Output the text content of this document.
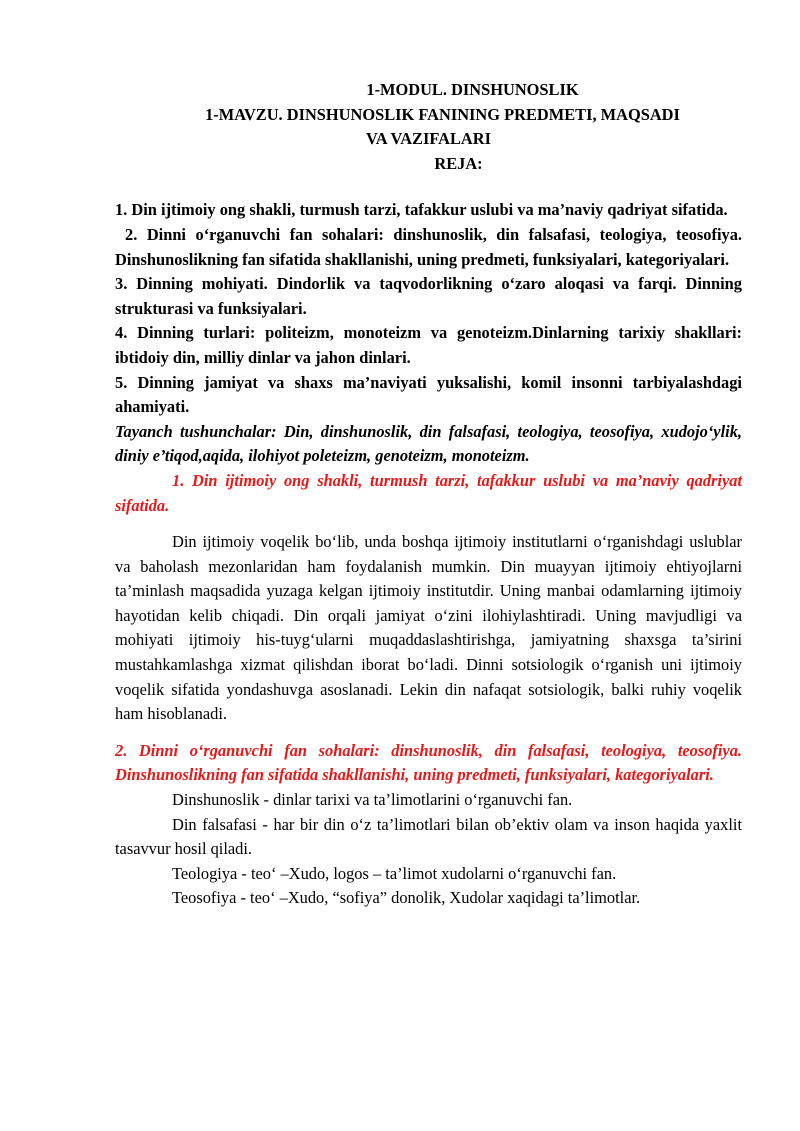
1-MODUL. DINSHUNOSLIK

1-MAVZU. DINSHUNOSLIK FANINING PREDMETI, MAQSADI

VA VAZIFALARI

REJA:

1. Din ijtimoiy ong shakli, turmush tarzi, tafakkur uslubi va ma’naviy qadriyat sifatida.

2. Dinni o‘rganuvchi fan sohalari: dinshunoslik, din falsafasi, teologiya, teosofiya. Dinshunoslikning fan sifatida shakllanishi, uning predmeti, funksiyalari, kategoriyalari.

3. Dinning mohiyati. Dindorlik va taqvodorlikning o‘zaro aloqasi va farqi. Dinning strukturasi va funksiyalari.

4. Dinning turlari: politeizm, monoteizm va genoteizm.Dinlarning tarixiy shakllari: ibtidoiy din, milliy dinlar va jahon dinlari.

5. Dinning jamiyat va shaxs ma’naviyati yuksalishi, komil insonni tarbiyalashdagi ahamiyati.

Tayanch tushunchalar: Din, dinshunoslik, din falsafasi, teologiya, teosofiya, xudojo‘ylik, diniy e’tiqod,aqida, ilohiyot poleteizm, genoteizm, monoteizm.

1. Din ijtimoiy ong shakli, turmush tarzi, tafakkur uslubi va ma’naviy qadriyat sifatida.

Din ijtimoiy voqelik bo‘lib, unda boshqa ijtimoiy institutlarni o‘rganishdagi uslublar va baholash mezonlaridan ham foydalanish mumkin. Din muayyan ijtimoiy ehtiyojlarni ta’minlash maqsadida yuzaga kelgan ijtimoiy institutdir. Uning manbai odamlarning ijtimoiy hayotidan kelib chiqadi. Din orqali jamiyat o‘zini ilohiylashtiradi. Uning mavjudligi va mohiyati ijtimoiy his-tuyg‘ularni muqaddaslashtirishga, jamiyatning shaxsga ta’sirini mustahkamlashga xizmat qilishdan iborat bo‘ladi. Dinni sotsiologik o‘rganish uni ijtimoiy voqelik sifatida yondashuvga asoslanadi. Lekin din nafaqat sotsiologik, balki ruhiy voqelik ham hisoblanadi.

2. Dinni o‘rganuvchi fan sohalari: dinshunoslik, din falsafasi, teologiya, teosofiya. Dinshunoslikning fan sifatida shakllanishi, uning predmeti, funksiyalari, kategoriyalari.

Dinshunoslik - dinlar tarixi va ta’limotlarini o‘rganuvchi fan.

Din falsafasi - har bir din o‘z ta’limotlari bilan ob’ektiv olam va inson haqida yaxlit tasavvur hosil qiladi.

Teologiya - teo‘ –Xudo, logos – ta’limot xudolarni o‘rganuvchi fan.

Teosofiya - teo‘ –Xudo, “sofiya” donolik, Xudolar xaqidagi ta’limotlar.
